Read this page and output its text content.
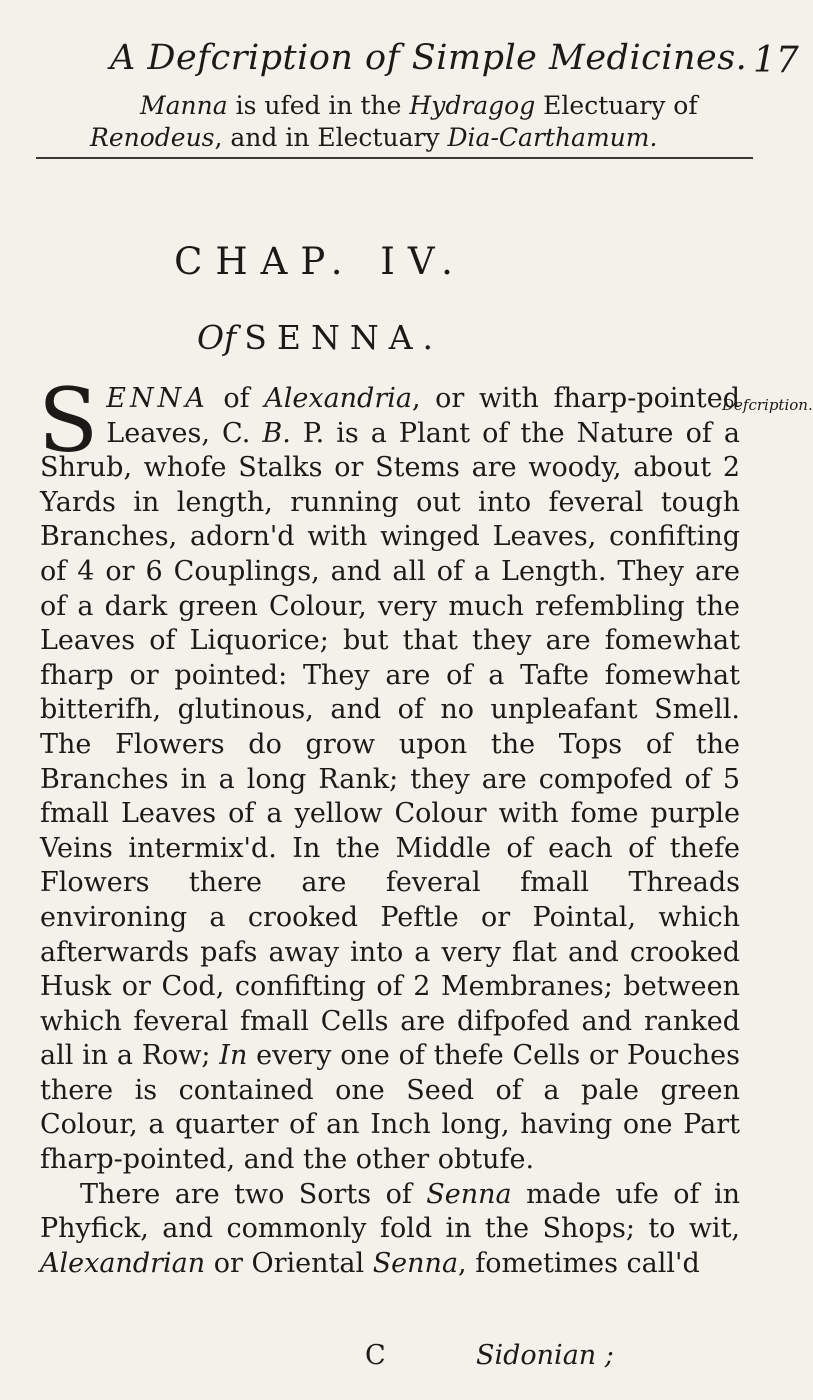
A Defcription of Simple Medicines. 17
Manna is ufed in the Hydragog Electuary of
Renodeus, and in Electuary Dia-Carthamum.
CHAP. IV.
Of SENNA.
Defcription.

SENNA of Alexandria, or with fharp-pointed Leaves, C. B. P. is a Plant of the Nature of a Shrub, whofe Stalks or Stems are woody, about 2 Yards in length, running out into feveral tough Branches, adorn'd with winged Leaves, confifting of 4 or 6 Couplings, and all of a Length. They are of a dark green Colour, very much refembling the Leaves of Liquorice; but that they are fomewhat fharp or pointed: They are of a Tafte fomewhat bitterifh, glutinous, and of no unpleafant Smell. The Flowers do grow upon the Tops of the Branches in a long Rank; they are compofed of 5 fmall Leaves of a yellow Colour with fome purple Veins intermix'd. In the Middle of each of thefe Flowers there are feveral fmall Threads environing a crooked Peftle or Pointal, which afterwards pafs away into a very flat and crooked Husk or Cod, confifting of 2 Membranes; between which feveral fmall Cells are difpofed and ranked all in a Row; In every one of thefe Cells or Pouches there is contained one Seed of a pale green Colour, a quarter of an Inch long, having one Part fharp-pointed, and the other obtufe.

There are two Sorts of Senna made ufe of in Phyfick, and commonly fold in the Shops; to wit, Alexandrian or Oriental Senna, fometimes call'd

C	Sidonian ;
